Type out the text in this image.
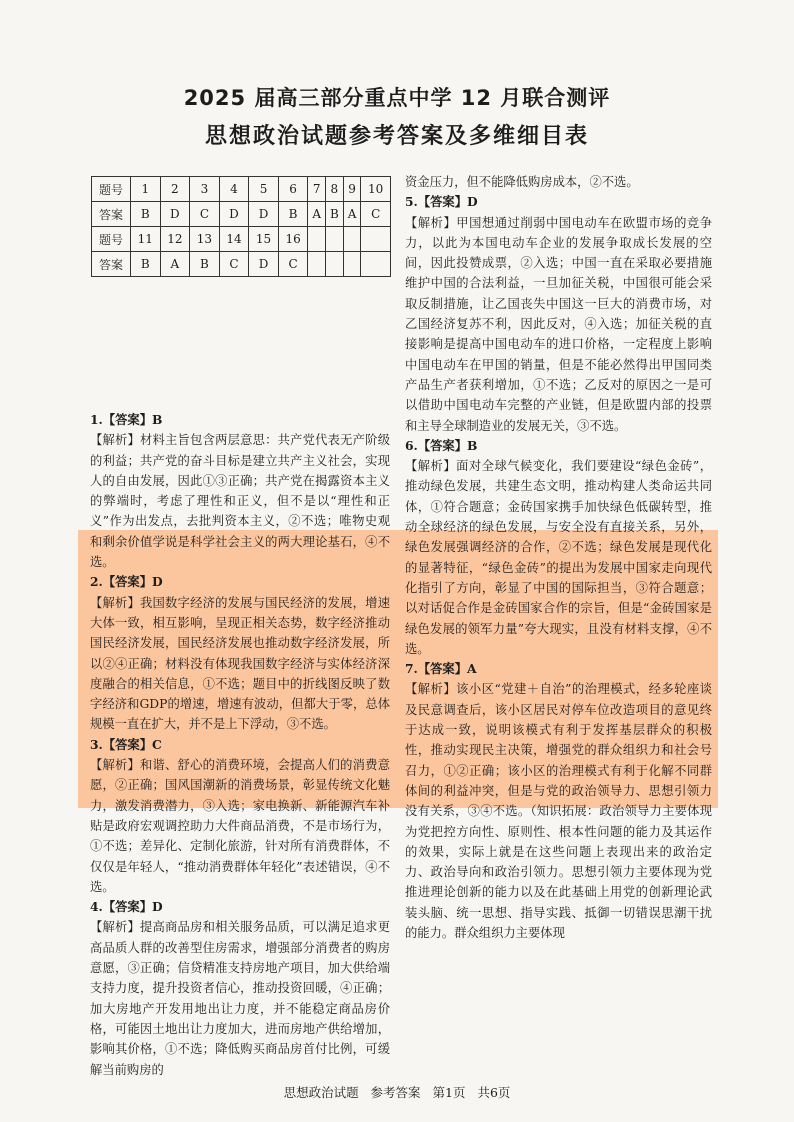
2025 届高三部分重点中学 12 月联合测评
思想政治试题参考答案及多维细目表
题号	1	2	3	4	5	6	7	8	9	10
答案	B	D	C	D	D	B	A	B	A	C
题号	11	12	13	14	15	16				
答案	B	A	B	C	D	C				

1.【答案】B

【解析】材料主旨包含两层意思：共产党代表无产阶级的利益；共产党的奋斗目标是建立共产主义社会，实现人的自由发展，因此①③正确；共产党在揭露资本主义的弊端时，考虑了理性和正义，但不是以“理性和正义”作为出发点，去批判资本主义，②不选；唯物史观和剩余价值学说是科学社会主义的两大理论基石，④不选。

2.【答案】D

【解析】我国数字经济的发展与国民经济的发展，增速大体一致，相互影响，呈现正相关态势，数字经济推动国民经济发展，国民经济发展也推动数字经济发展，所以②④正确；材料没有体现我国数字经济与实体经济深度融合的相关信息，①不选；题目中的折线图反映了数字经济和GDP的增速，增速有波动，但都大于零，总体规模一直在扩大，并不是上下浮动，③不选。

3.【答案】C

【解析】和谐、舒心的消费环境，会提高人们的消费意愿，②正确；国风国潮新的消费场景，彰显传统文化魅力，激发消费潜力，③入选；家电换新、新能源汽车补贴是政府宏观调控助力大件商品消费，不是市场行为，①不选；差异化、定制化旅游，针对所有消费群体，不仅仅是年轻人，“推动消费群体年轻化”表述错误，④不选。

4.【答案】D

【解析】提高商品房和相关服务品质，可以满足追求更高品质人群的改善型住房需求，增强部分消费者的购房意愿，③正确；信贷精准支持房地产项目，加大供给端支持力度，提升投资者信心，推动投资回暖，④正确；加大房地产开发用地出让力度，并不能稳定商品房价格，可能因土地出让力度加大，进而房地产供给增加，影响其价格，①不选；降低购买商品房首付比例，可缓解当前购房的

资金压力，但不能降低购房成本，②不选。

5.【答案】D

【解析】甲国想通过削弱中国电动车在欧盟市场的竞争力，以此为本国电动车企业的发展争取成长发展的空间，因此投赞成票，②入选；中国一直在采取必要措施维护中国的合法利益，一旦加征关税，中国很可能会采取反制措施，让乙国丧失中国这一巨大的消费市场，对乙国经济复苏不利，因此反对，④入选；加征关税的直接影响是提高中国电动车的进口价格，一定程度上影响中国电动车在甲国的销量，但是不能必然得出甲国同类产品生产者获利增加，①不选；乙反对的原因之一是可以借助中国电动车完整的产业链，但是欧盟内部的投票和主导全球制造业的发展无关，③不选。

6.【答案】B

【解析】面对全球气候变化，我们要建设“绿色金砖”，推动绿色发展，共建生态文明，推动构建人类命运共同体，①符合题意；金砖国家携手加快绿色低碳转型，推动全球经济的绿色发展，与安全没有直接关系，另外，绿色发展强调经济的合作，②不选；绿色发展是现代化的显著特征，“绿色金砖”的提出为发展中国家走向现代化指引了方向，彰显了中国的国际担当，③符合题意；以对话促合作是金砖国家合作的宗旨，但是“金砖国家是绿色发展的领军力量”夸大现实，且没有材料支撑，④不选。

7.【答案】A

【解析】该小区“党建＋自治”的治理模式，经多轮座谈及民意调查后，该小区居民对停车位改造项目的意见终于达成一致，说明该模式有利于发挥基层群众的积极性，推动实现民主决策，增强党的群众组织力和社会号召力，①②正确；该小区的治理模式有利于化解不同群体间的利益冲突，但是与党的政治领导力、思想引领力没有关系，③④不选。（知识拓展：政治领导力主要体现为党把控方向性、原则性、根本性问题的能力及其运作的效果，实际上就是在这些问题上表现出来的政治定力、政治导向和政治引领力。思想引领力主要体现为党推进理论创新的能力以及在此基础上用党的创新理论武装头脑、统一思想、指导实践、抵御一切错误思潮干扰的能力。群众组织力主要体现

思想政治试题 参考答案 第1页 共6页
